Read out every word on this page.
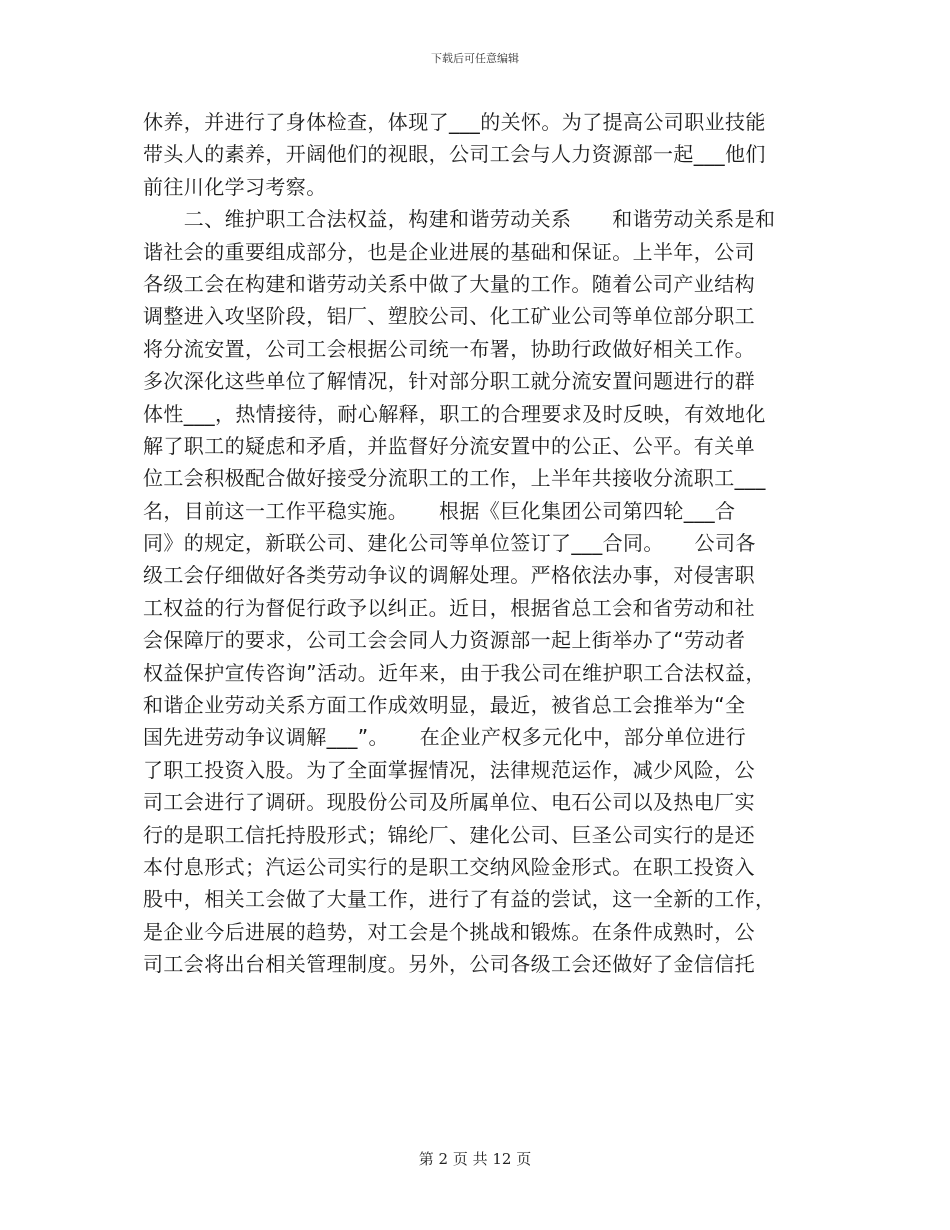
下载后可任意编辑
休养，并进行了身体检查，体现了___的关怀。为了提高公司职业技能
带头人的素养，开阔他们的视眼，公司工会与人力资源部一起___他们
前往川化学习考察。
　　二、维护职工合法权益，构建和谐劳动关系　　和谐劳动关系是和
谐社会的重要组成部分，也是企业进展的基础和保证。上半年，公司
各级工会在构建和谐劳动关系中做了大量的工作。随着公司产业结构
调整进入攻坚阶段，铝厂、塑胶公司、化工矿业公司等单位部分职工
将分流安置，公司工会根据公司统一布署，协助行政做好相关工作。
多次深化这些单位了解情况，针对部分职工就分流安置问题进行的群
体性___，热情接待，耐心解释，职工的合理要求及时反映，有效地化
解了职工的疑虑和矛盾，并监督好分流安置中的公正、公平。有关单
位工会积极配合做好接受分流职工的工作，上半年共接收分流职工___
名，目前这一工作平稳实施。　　根据《巨化集团公司第四轮___合
同》的规定，新联公司、建化公司等单位签订了___合同。　　公司各
级工会仔细做好各类劳动争议的调解处理。严格依法办事，对侵害职
工权益的行为督促行政予以纠正。近日，根据省总工会和省劳动和社
会保障厅的要求，公司工会会同人力资源部一起上街举办了“劳动者
权益保护宣传咨询”活动。近年来，由于我公司在维护职工合法权益，
和谐企业劳动关系方面工作成效明显，最近，被省总工会推举为“全
国先进劳动争议调解___”。　　在企业产权多元化中，部分单位进行
了职工投资入股。为了全面掌握情况，法律规范运作，减少风险，公
司工会进行了调研。现股份公司及所属单位、电石公司以及热电厂实
行的是职工信托持股形式；锦纶厂、建化公司、巨圣公司实行的是还
本付息形式；汽运公司实行的是职工交纳风险金形式。在职工投资入
股中，相关工会做了大量工作，进行了有益的尝试，这一全新的工作，
是企业今后进展的趋势，对工会是个挑战和锻炼。在条件成熟时，公
司工会将出台相关管理制度。另外，公司各级工会还做好了金信信托
第 2 页 共 12 页
